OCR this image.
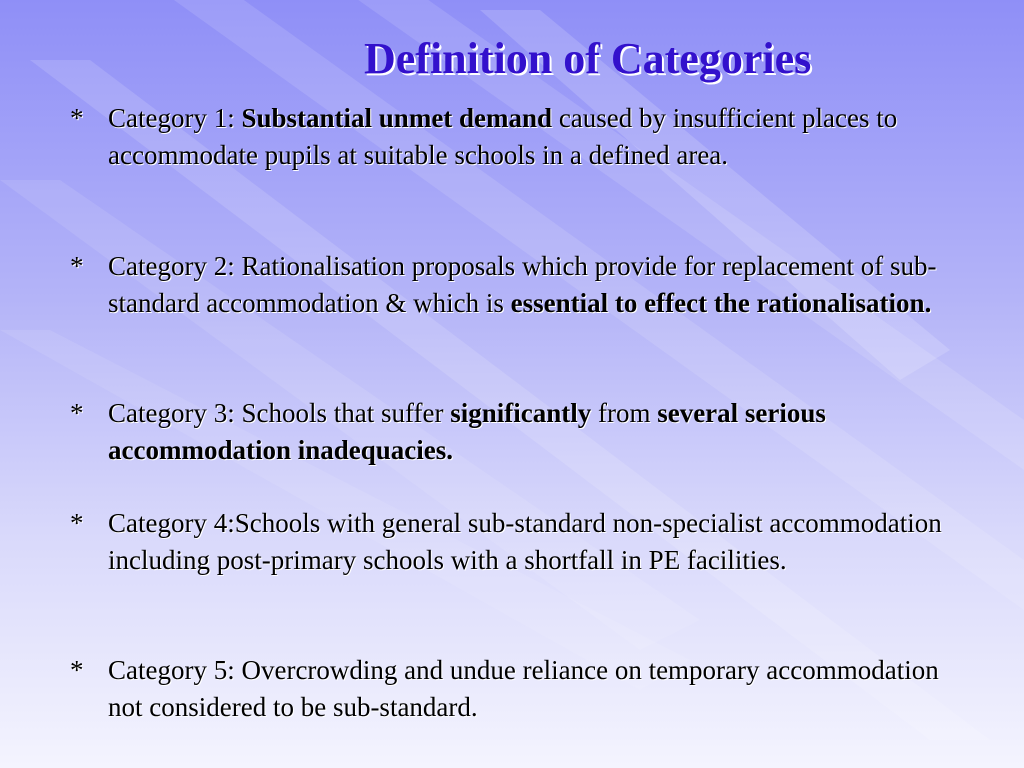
Definition of Categories
* Category 1: Substantial unmet demand caused by insufficient places to accommodate pupils at suitable schools in a defined area.
* Category 2: Rationalisation proposals which provide for replacement of sub-standard accommodation & which is essential to effect the rationalisation.
* Category 3: Schools that suffer significantly from several serious accommodation inadequacies.
* Category 4:Schools with general sub-standard non-specialist accommodation including post-primary schools with a shortfall in PE facilities.
* Category 5: Overcrowding and undue reliance on temporary accommodation not considered to be sub-standard.
